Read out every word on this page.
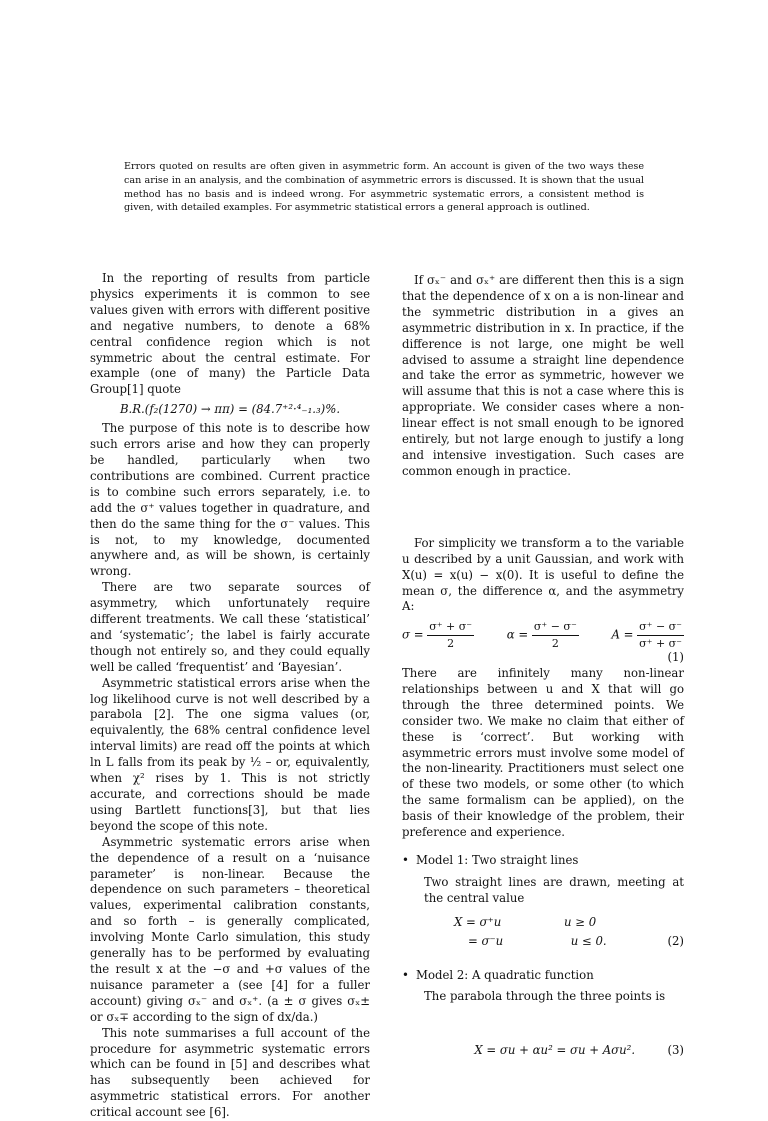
Errors quoted on results are often given in asymmetric form. An account is given of the two ways these can arise in an analysis, and the combination of asymmetric errors is discussed. It is shown that the usual method has no basis and is indeed wrong. For asymmetric systematic errors, a consistent method is given, with detailed examples. For asymmetric statistical errors a general approach is outlined.

In the reporting of results from particle physics experiments it is common to see values given with errors with different positive and negative numbers, to denote a 68% central confidence region which is not symmetric about the central estimate. For example (one of many) the Particle Data Group[1] quote

B.R.(f₂(1270) → ππ) = (84.7⁺²·⁴₋₁.₃)%.

The purpose of this note is to describe how such errors arise and how they can properly be handled, particularly when two contributions are combined. Current practice is to combine such errors separately, i.e. to add the σ⁺ values together in quadrature, and then do the same thing for the σ⁻ values. This is not, to my knowledge, documented anywhere and, as will be shown, is certainly wrong.

There are two separate sources of asymmetry, which unfortunately require different treatments. We call these ‘statistical’ and ‘systematic’; the label is fairly accurate though not entirely so, and they could equally well be called ‘frequentist’ and ‘Bayesian’.

Asymmetric statistical errors arise when the log likelihood curve is not well described by a parabola [2]. The one sigma values (or, equivalently, the 68% central confidence level interval limits) are read off the points at which ln L falls from its peak by ½ – or, equivalently, when χ² rises by 1. This is not strictly accurate, and corrections should be made using Bartlett functions[3], but that lies beyond the scope of this note.

Asymmetric systematic errors arise when the dependence of a result on a ‘nuisance parameter’ is non-linear. Because the dependence on such parameters – theoretical values, experimental calibration constants, and so forth – is generally complicated, involving Monte Carlo simulation, this study generally has to be performed by evaluating the result x at the −σ and +σ values of the nuisance parameter a (see [4] for a fuller account) giving σₓ⁻ and σₓ⁺. (a ± σ gives σₓ± or σₓ∓ according to the sign of dx/da.)

This note summarises a full account of the procedure for asymmetric systematic errors which can be found in [5] and describes what has subsequently been achieved for asymmetric statistical errors. For another critical account see [6].

If σₓ⁻ and σₓ⁺ are different then this is a sign that the dependence of x on a is non-linear and the symmetric distribution in a gives an asymmetric distribution in x. In practice, if the difference is not large, one might be well advised to assume a straight line dependence and take the error as symmetric, however we will assume that this is not a case where this is appropriate. We consider cases where a non-linear effect is not small enough to be ignored entirely, but not large enough to justify a long and intensive investigation. Such cases are common enough in practice.

For simplicity we transform a to the variable u described by a unit Gaussian, and work with X(u) = x(u) − x(0). It is useful to define the mean σ, the difference α, and the asymmetry A:

$\sigma = \frac{\sigma^+ + \sigma^-}{2}$	$\alpha = \frac{\sigma^+ - \sigma^-}{2}$	$A = \frac{\sigma^+ - \sigma^-}{\sigma^+ + \sigma^-}$
(1)

There are infinitely many non-linear relationships between u and X that will go through the three determined points. We consider two. We make no claim that either of these is ‘correct’. But working with asymmetric errors must involve some model of the non-linearity. Practitioners must select one of these two models, or some other (to which the same formalism can be applied), on the basis of their knowledge of the problem, their preference and experience.

• Model 1: Two straight lines

Two straight lines are drawn, meeting at the central value

X = σ⁺u	u ≥ 0
= σ⁻u	u ≤ 0.	(2)
• Model 2: A quadratic function

The parabola through the three points is

X = σu + αu² = σu + Aσu².	(3)
